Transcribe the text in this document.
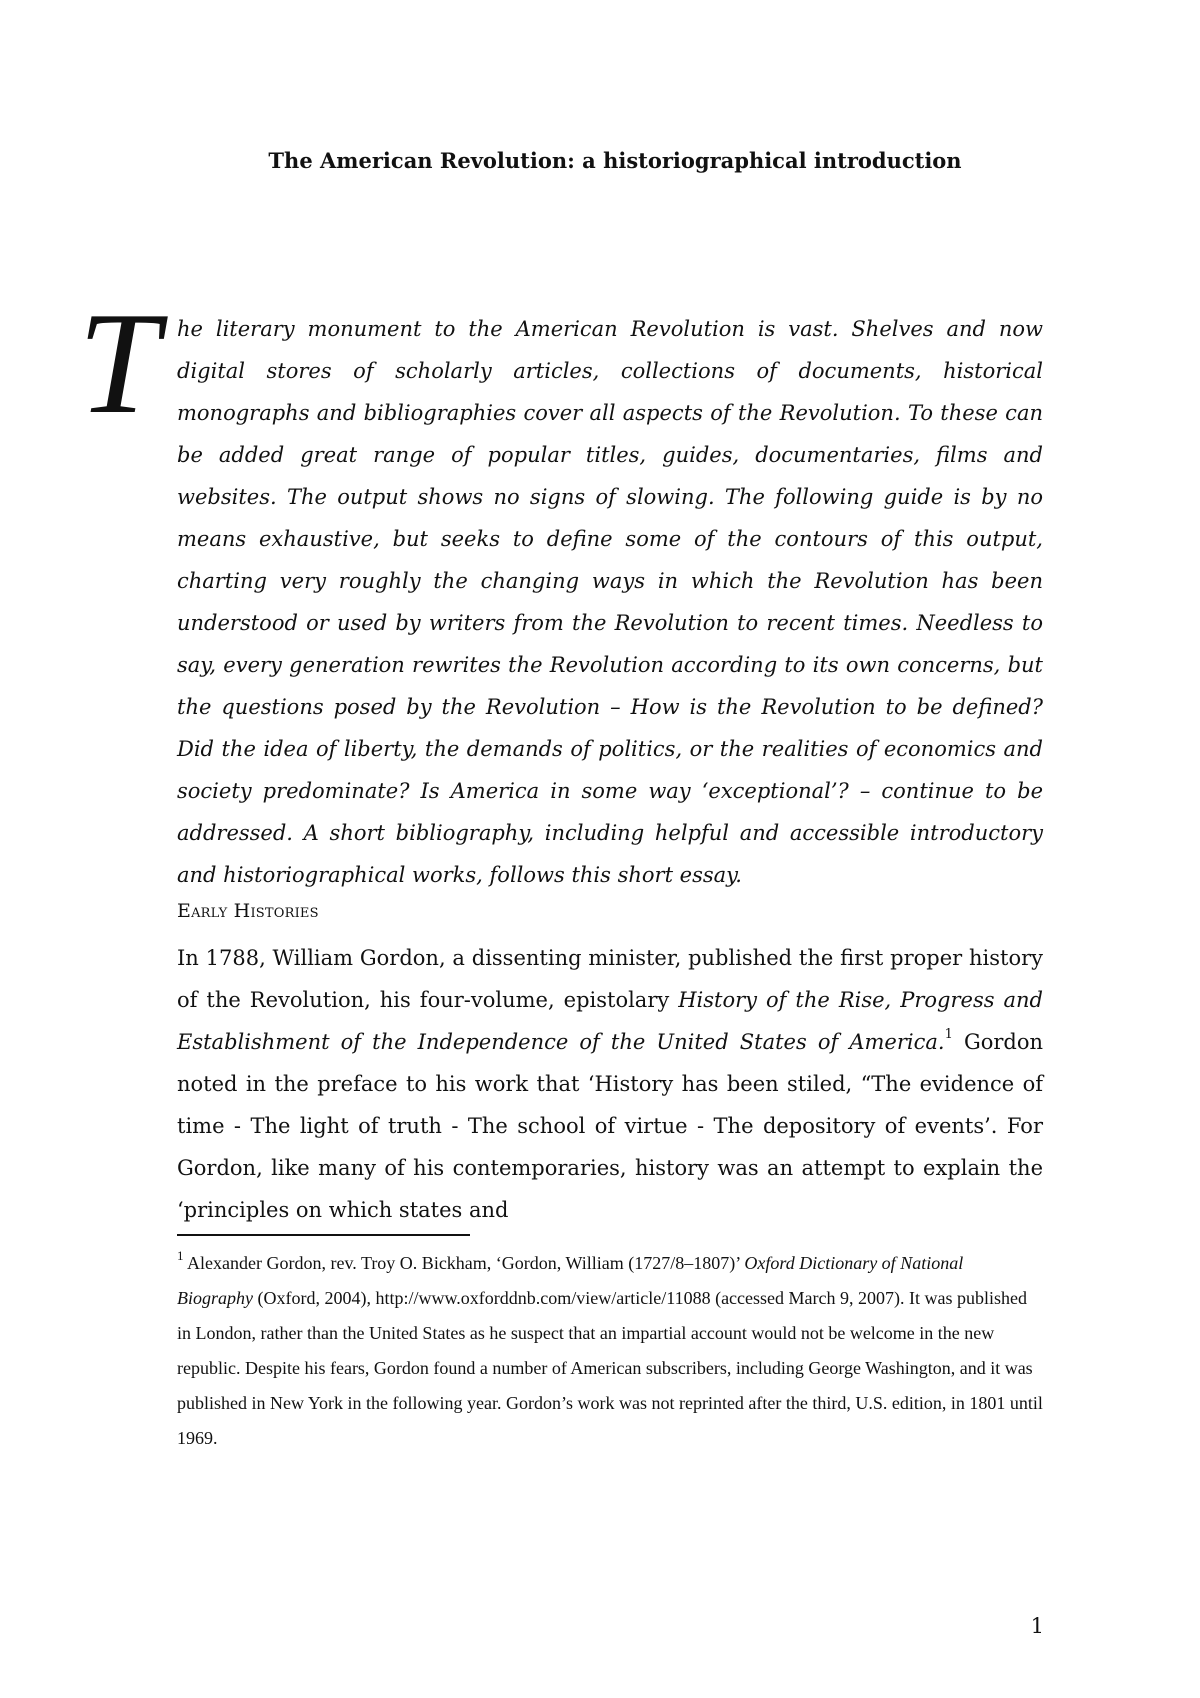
The American Revolution: a historiographical introduction
T he literary monument to the American Revolution is vast. Shelves and now digital stores of scholarly articles, collections of documents, historical monographs and bibliographies cover all aspects of the Revolution. To these can be added great range of popular titles, guides, documentaries, films and websites. The output shows no signs of slowing. The following guide is by no means exhaustive, but seeks to define some of the contours of this output, charting very roughly the changing ways in which the Revolution has been understood or used by writers from the Revolution to recent times. Needless to say, every generation rewrites the Revolution according to its own concerns, but the questions posed by the Revolution – How is the Revolution to be defined? Did the idea of liberty, the demands of politics, or the realities of economics and society predominate? Is America in some way ‘exceptional’? – continue to be addressed. A short bibliography, including helpful and accessible introductory and historiographical works, follows this short essay.

Early Histories

In 1788, William Gordon, a dissenting minister, published the first proper history of the Revolution, his four-volume, epistolary History of the Rise, Progress and Establishment of the Independence of the United States of America.$^1$ Gordon noted in the preface to his work that ‘History has been stiled, “The evidence of time - The light of truth - The school of virtue - The depository of events’. For Gordon, like many of his contemporaries, history was an attempt to explain the ‘principles on which states and

$^1$ Alexander Gordon, rev. Troy O. Bickham, ‘Gordon, William (1727/8–1807)’ Oxford Dictionary of National Biography (Oxford, 2004), http://www.oxforddnb.com/view/article/11088 (accessed March 9, 2007). It was published in London, rather than the United States as he suspect that an impartial account would not be welcome in the new republic. Despite his fears, Gordon found a number of American subscribers, including George Washington, and it was published in New York in the following year. Gordon’s work was not reprinted after the third, U.S. edition, in 1801 until 1969.

1
